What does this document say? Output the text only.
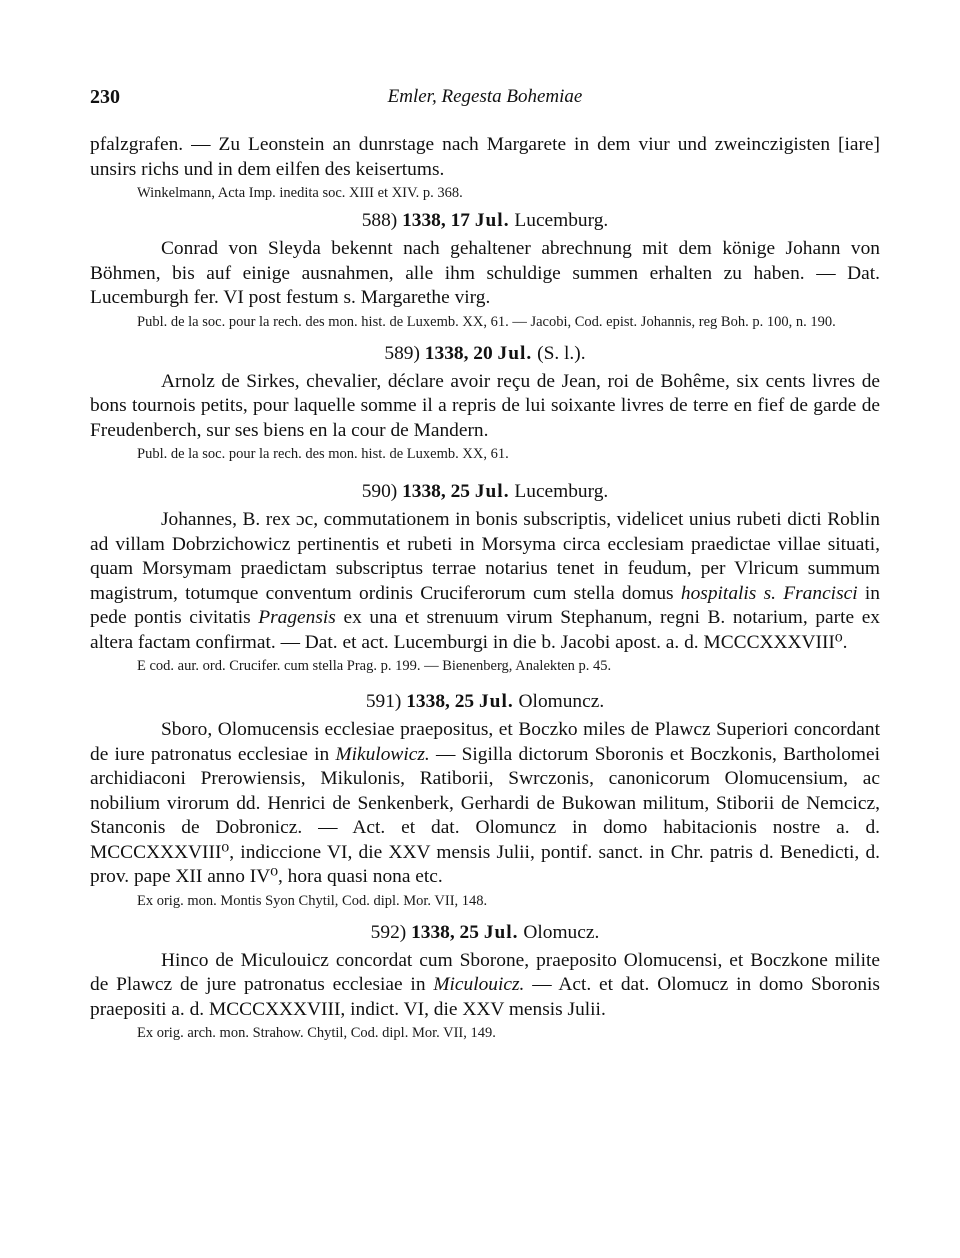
230	Emler, Regesta Bohemiae

pfalzgrafen. — Zu Leonstein an dunrstage nach Margarete in dem viur und zweinczigisten [iare] unsirs richs und in dem eilfen des keisertums.

Winkelmann, Acta Imp. inedita soc. XIII et XIV. p. 368.

588) 1338, 17 Jul. Lucemburg.

Conrad von Sleyda bekennt nach gehaltener abrechnung mit dem könige Johann von Böhmen, bis auf einige ausnahmen, alle ihm schuldige summen erhalten zu haben. — Dat. Lucemburgh fer. VI post festum s. Margarethe virg.

Publ. de la soc. pour la rech. des mon. hist. de Luxemb. XX, 61. — Jacobi, Cod. epist. Johannis, reg Boh. p. 100, n. 190.

589) 1338, 20 Jul. (S. l.).

Arnolz de Sirkes, chevalier, déclare avoir reçu de Jean, roi de Bohême, six cents livres de bons tournois petits, pour laquelle somme il a repris de lui soixante livres de terre en fief de garde de Freudenberch, sur ses biens en la cour de Mandern.

Publ. de la soc. pour la rech. des mon. hist. de Luxemb. XX, 61.

590) 1338, 25 Jul. Lucemburg.

Johannes, B. rex ɔc, commutationem in bonis subscriptis, videlicet unius rubeti dicti Roblin ad villam Dobrzichowicz pertinentis et rubeti in Morsyma circa ecclesiam praedictae villae situati, quam Morsymam praedictam subscriptus terrae notarius tenet in feudum, per Vlricum summum magistrum, totumque conventum ordinis Cruciferorum cum stella domus hospitalis s. Francisci in pede pontis civitatis Pragensis ex una et strenuum virum Stephanum, regni B. notarium, parte ex altera factam confirmat. — Dat. et act. Lucemburgi in die b. Jacobi apost. a. d. MCCCXXXVIII⁰.

E cod. aur. ord. Crucifer. cum stella Prag. p. 199. — Bienenberg, Analekten p. 45.

591) 1338, 25 Jul. Olomuncz.

Sboro, Olomucensis ecclesiae praepositus, et Boczko miles de Plawcz Superiori concordant de iure patronatus ecclesiae in Mikulowicz. — Sigilla dictorum Sboronis et Boczkonis, Bartholomei archidiaconi Prerowiensis, Mikulonis, Ratiborii, Swrczonis, canonicorum Olomucensium, ac nobilium virorum dd. Henrici de Senkenberk, Gerhardi de Bukowan militum, Stiborii de Nemcicz, Stanconis de Dobronicz. — Act. et dat. Olomuncz in domo habitacionis nostre a. d. MCCCXXXVIII⁰, indiccione VI, die XXV mensis Julii, pontif. sanct. in Chr. patris d. Benedicti, d. prov. pape XII anno IV⁰, hora quasi nona etc.

Ex orig. mon. Montis Syon Chytil, Cod. dipl. Mor. VII, 148.

592) 1338, 25 Jul. Olomucz.

Hinco de Miculouicz concordat cum Sborone, praeposito Olomucensi, et Boczkone milite de Plawcz de jure patronatus ecclesiae in Miculouicz. — Act. et dat. Olomucz in domo Sboronis praepositi a. d. MCCCXXXVIII, indict. VI, die XXV mensis Julii.

Ex orig. arch. mon. Strahow. Chytil, Cod. dipl. Mor. VII, 149.
